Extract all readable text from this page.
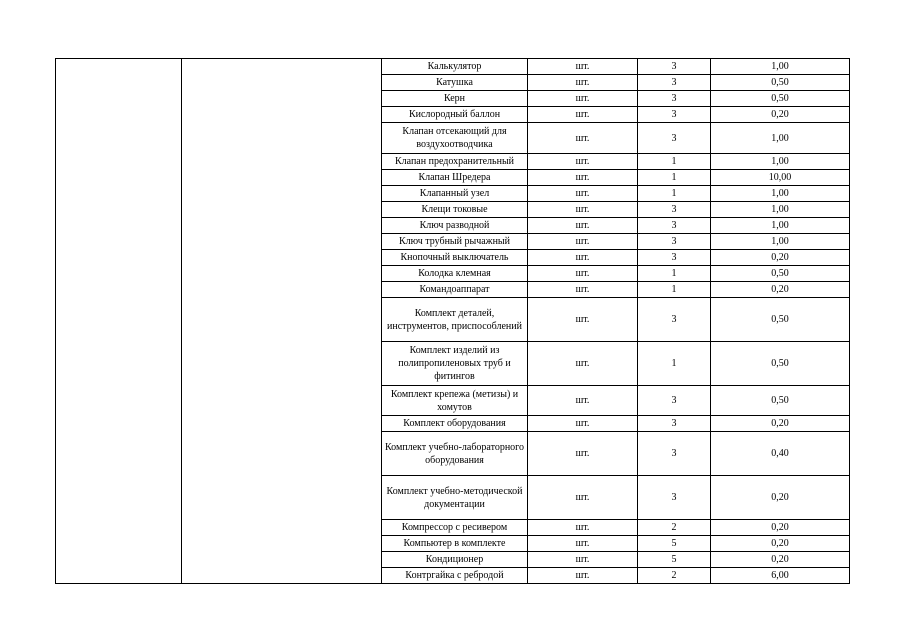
		Калькулятор	шт.	3	1,00
		Катушка	шт.	3	0,50
		Керн	шт.	3	0,50
		Кислородный баллон	шт.	3	0,20
		Клапан отсекающий для воздухоотводчика	шт.	3	1,00
		Клапан предохранительный	шт.	1	1,00
		Клапан Шредера	шт.	1	10,00
		Клапанный узел	шт.	1	1,00
		Клещи токовые	шт.	3	1,00
		Ключ разводной	шт.	3	1,00
		Ключ трубный рычажный	шт.	3	1,00
		Кнопочный выключатель	шт.	3	0,20
		Колодка клемная	шт.	1	0,50
		Командоаппарат	шт.	1	0,20
		Комплект деталей, инструментов, приспособлений	шт.	3	0,50
		Комплект изделий из полипропиленовых труб и фитингов	шт.	1	0,50
		Комплект крепежа (метизы) и хомутов	шт.	3	0,50
		Комплект оборудования	шт.	3	0,20
		Комплект учебно-лабораторного оборудования	шт.	3	0,40
		Комплект учебно-методической документации	шт.	3	0,20
		Компрессор с ресивером	шт.	2	0,20
		Компьютер в комплекте	шт.	5	0,20
		Кондиционер	шт.	5	0,20
		Контргайка с ребродой	шт.	2	6,00
